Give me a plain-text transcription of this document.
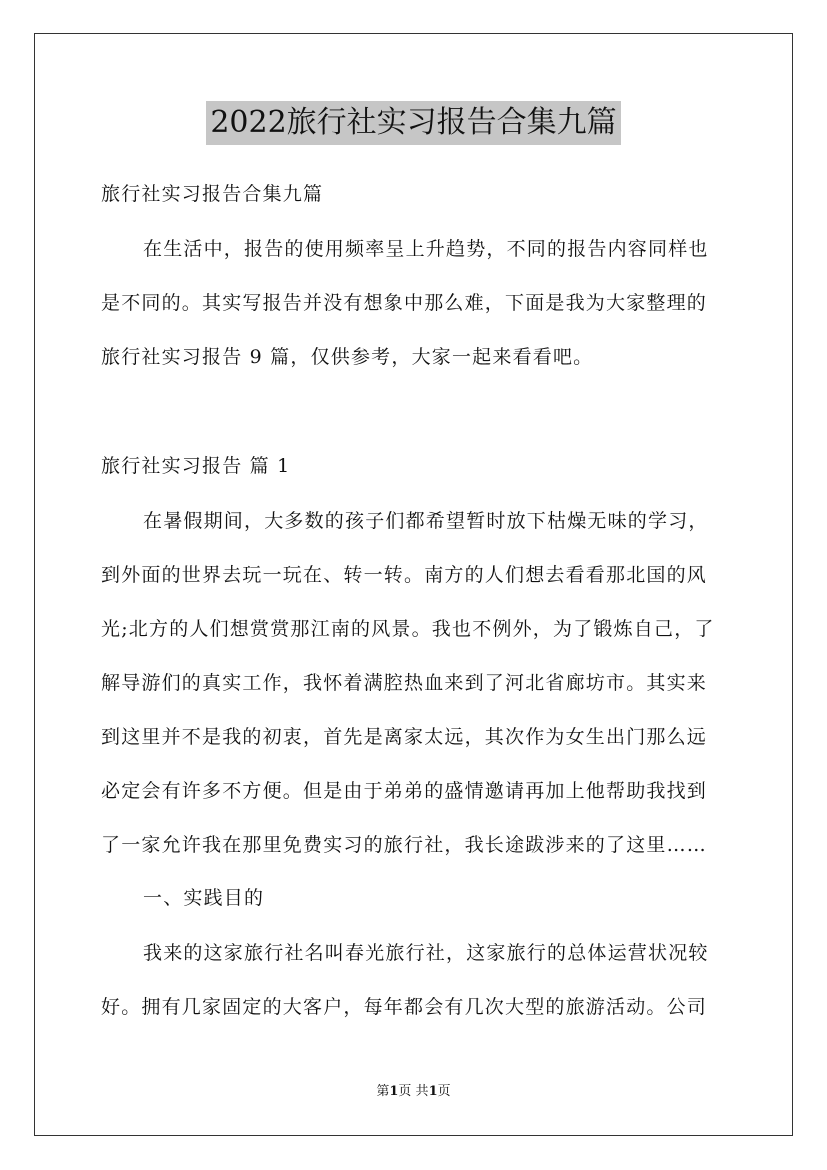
2022旅行社实习报告合集九篇
旅行社实习报告合集九篇
在生活中，报告的使用频率呈上升趋势，不同的报告内容同样也
是不同的。其实写报告并没有想象中那么难，下面是我为大家整理的
旅行社实习报告 9 篇，仅供参考，大家一起来看看吧。
旅行社实习报告 篇 1
在暑假期间，大多数的孩子们都希望暂时放下枯燥无味的学习，
到外面的世界去玩一玩在、转一转。南方的人们想去看看那北国的风
光;北方的人们想赏赏那江南的风景。我也不例外，为了锻炼自己，了
解导游们的真实工作，我怀着满腔热血来到了河北省廊坊市。其实来
到这里并不是我的初衷，首先是离家太远，其次作为女生出门那么远
必定会有许多不方便。但是由于弟弟的盛情邀请再加上他帮助我找到
了一家允许我在那里免费实习的旅行社，我长途跋涉来的了这里……
一、实践目的
我来的这家旅行社名叫春光旅行社，这家旅行的总体运营状况较
好。拥有几家固定的大客户，每年都会有几次大型的旅游活动。公司
第1页 共1页
